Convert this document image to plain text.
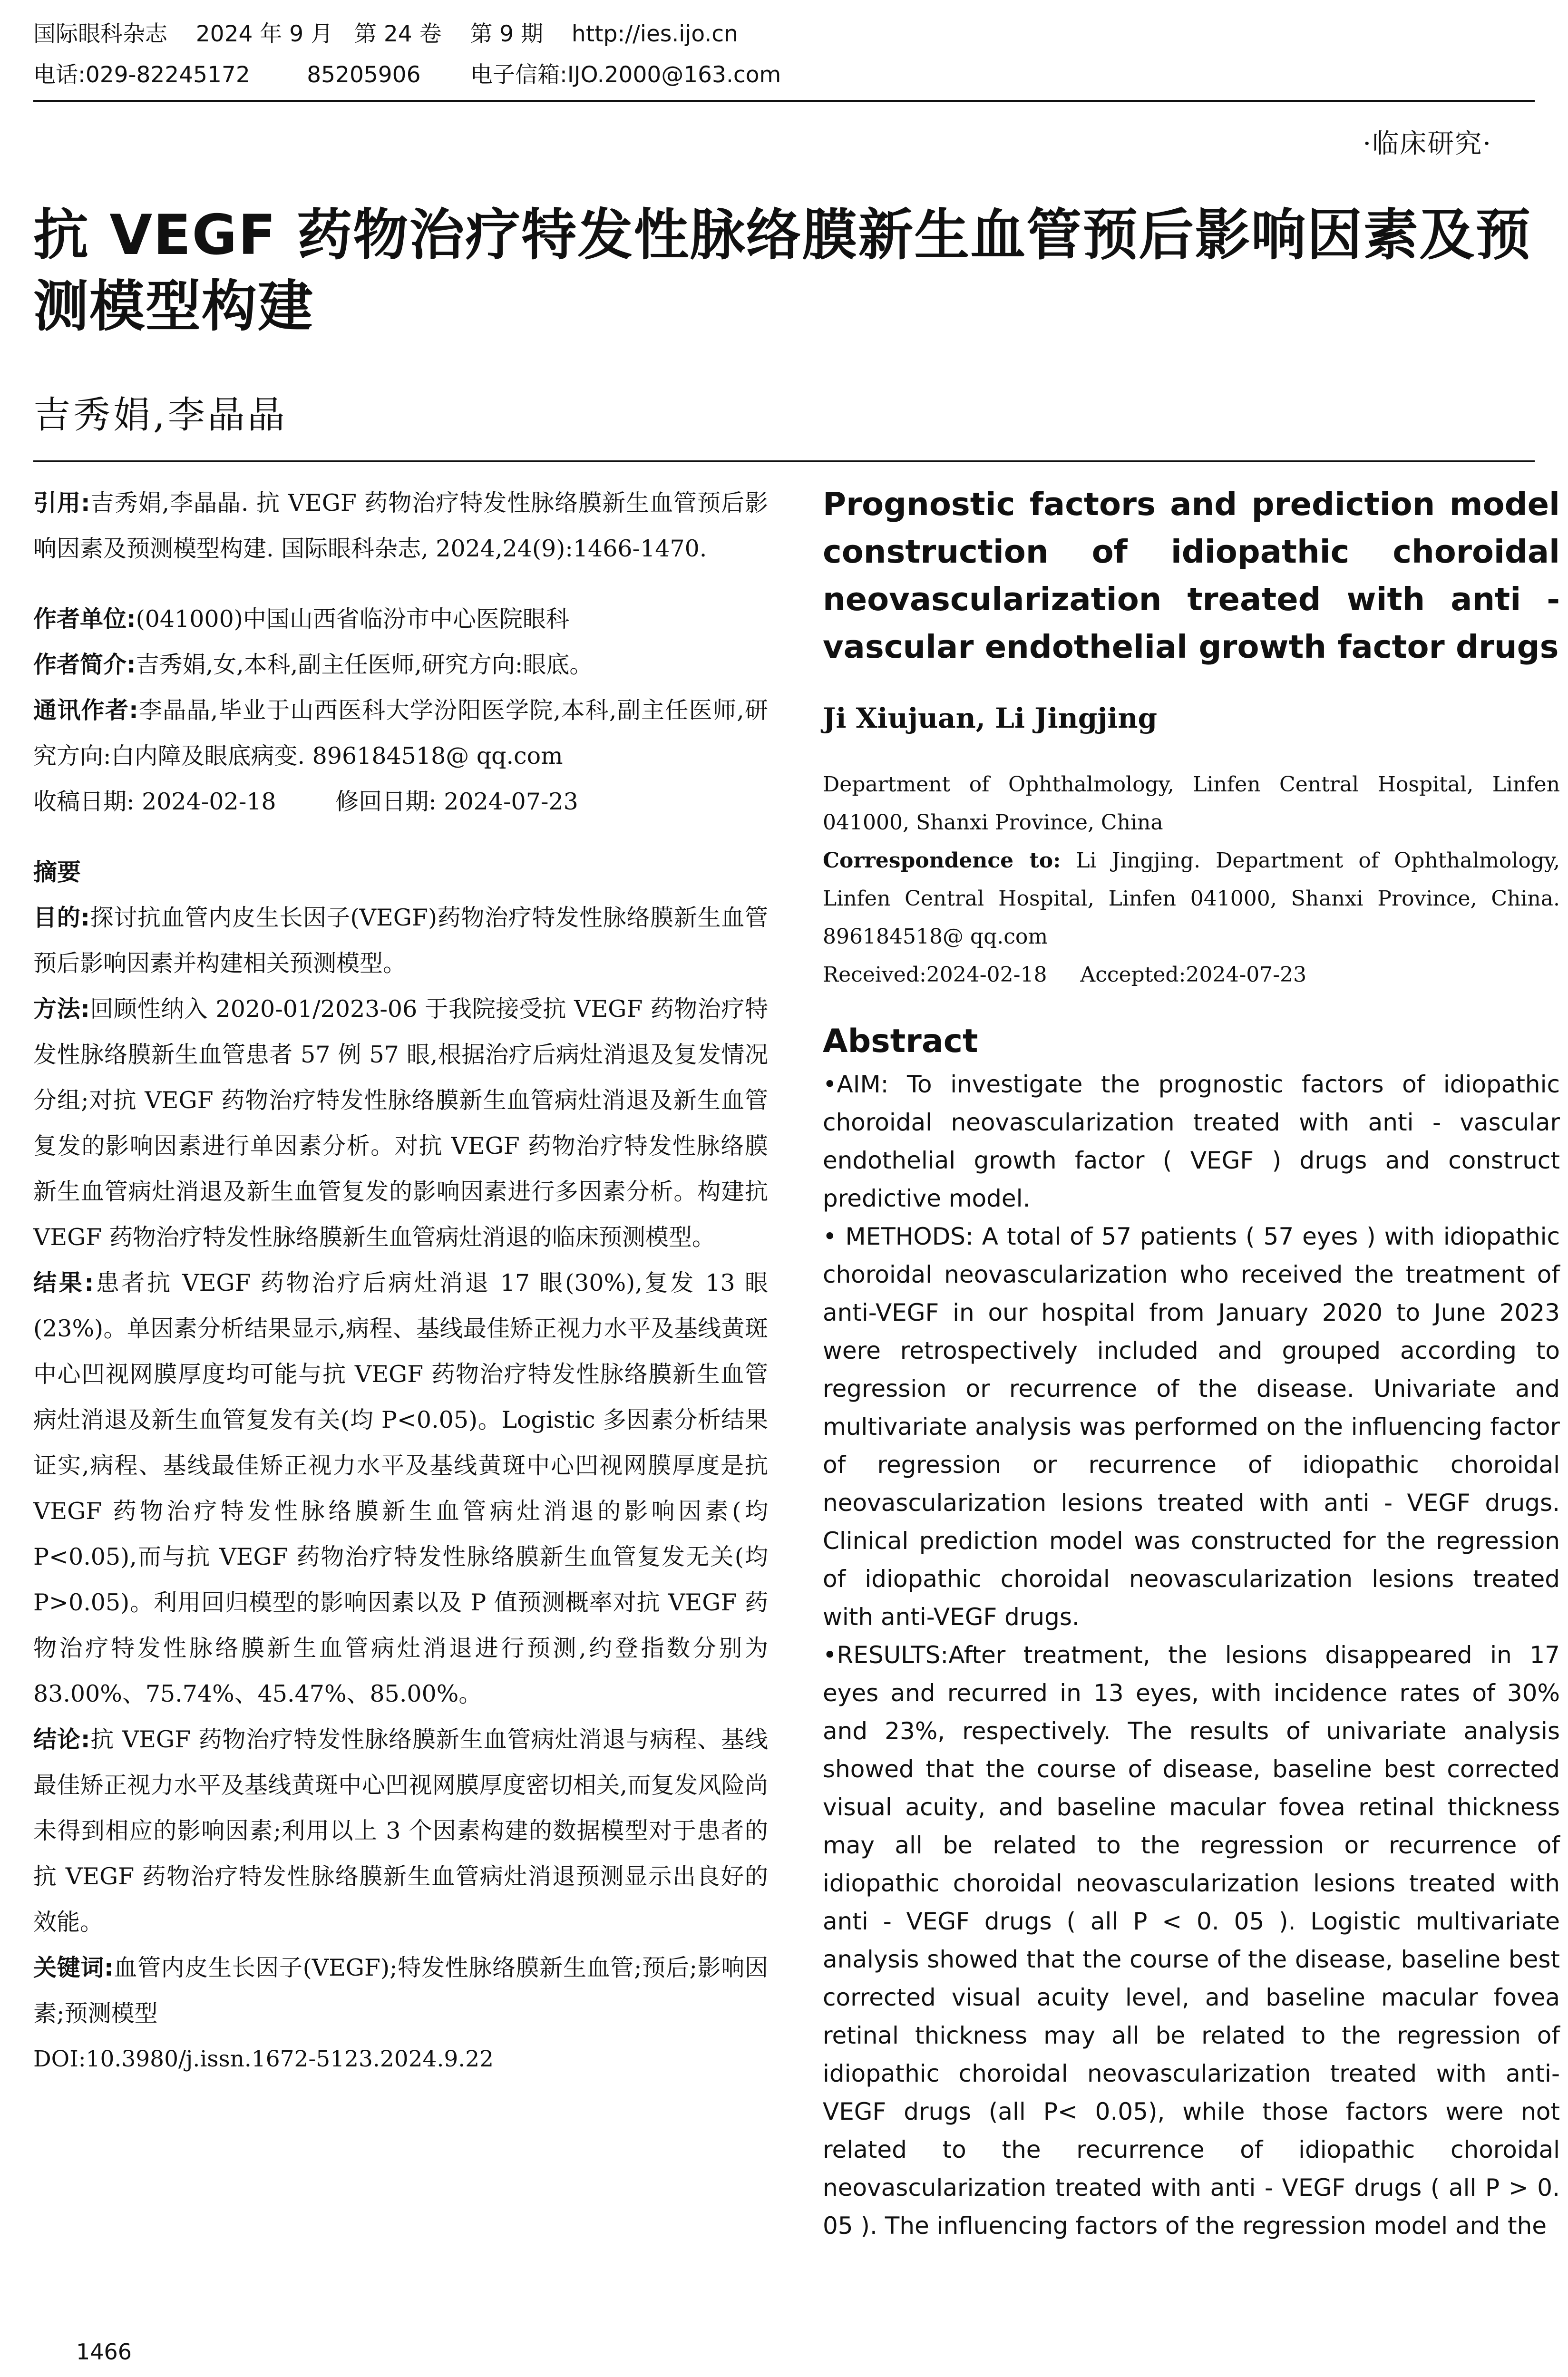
国际眼科杂志    2024 年 9 月   第 24 卷    第 9 期    http://ies.ijo.cn
电话:029-82245172        85205906       电子信箱:IJO.2000@163.com
·临床研究·
抗 VEGF 药物治疗特发性脉络膜新生血管预后影响因素及预测模型构建

吉秀娟,李晶晶

引用:吉秀娟,李晶晶. 抗 VEGF 药物治疗特发性脉络膜新生血管预后影响因素及预测模型构建. 国际眼科杂志, 2024,24(9):1466-1470.

作者单位:(041000)中国山西省临汾市中心医院眼科

作者简介:吉秀娟,女,本科,副主任医师,研究方向:眼底。

通讯作者:李晶晶,毕业于山西医科大学汾阳医学院,本科,副主任医师,研究方向:白内障及眼底病变. 896184518@ qq.com

收稿日期: 2024-02-18        修回日期: 2024-07-23

摘要

目的:探讨抗血管内皮生长因子(VEGF)药物治疗特发性脉络膜新生血管预后影响因素并构建相关预测模型。

方法:回顾性纳入 2020-01/2023-06 于我院接受抗 VEGF 药物治疗特发性脉络膜新生血管患者 57 例 57 眼,根据治疗后病灶消退及复发情况分组;对抗 VEGF 药物治疗特发性脉络膜新生血管病灶消退及新生血管复发的影响因素进行单因素分析。对抗 VEGF 药物治疗特发性脉络膜新生血管病灶消退及新生血管复发的影响因素进行多因素分析。构建抗 VEGF 药物治疗特发性脉络膜新生血管病灶消退的临床预测模型。

结果:患者抗 VEGF 药物治疗后病灶消退 17 眼(30%),复发 13 眼(23%)。单因素分析结果显示,病程、基线最佳矫正视力水平及基线黄斑中心凹视网膜厚度均可能与抗 VEGF 药物治疗特发性脉络膜新生血管病灶消退及新生血管复发有关(均 P<0.05)。Logistic 多因素分析结果证实,病程、基线最佳矫正视力水平及基线黄斑中心凹视网膜厚度是抗 VEGF 药物治疗特发性脉络膜新生血管病灶消退的影响因素(均 P<0.05),而与抗 VEGF 药物治疗特发性脉络膜新生血管复发无关(均 P>0.05)。利用回归模型的影响因素以及 P 值预测概率对抗 VEGF 药物治疗特发性脉络膜新生血管病灶消退进行预测,约登指数分别为 83.00%、75.74%、45.47%、85.00%。

结论:抗 VEGF 药物治疗特发性脉络膜新生血管病灶消退与病程、基线最佳矫正视力水平及基线黄斑中心凹视网膜厚度密切相关,而复发风险尚未得到相应的影响因素;利用以上 3 个因素构建的数据模型对于患者的抗 VEGF 药物治疗特发性脉络膜新生血管病灶消退预测显示出良好的效能。

关键词:血管内皮生长因子(VEGF);特发性脉络膜新生血管;预后;影响因素;预测模型

DOI:10.3980/j.issn.1672-5123.2024.9.22

Prognostic factors and prediction model construction of idiopathic choroidal neovascularization treated with anti - vascular endothelial growth factor drugs

Ji Xiujuan, Li Jingjing

Department of Ophthalmology, Linfen Central Hospital, Linfen 041000, Shanxi Province, China

Correspondence to: Li Jingjing. Department of Ophthalmology, Linfen Central Hospital, Linfen 041000, Shanxi Province, China. 896184518@ qq.com

Received:2024-02-18     Accepted:2024-07-23

Abstract

•AIM: To investigate the prognostic factors of idiopathic choroidal neovascularization treated with anti - vascular endothelial growth factor ( VEGF ) drugs and construct predictive model.

• METHODS: A total of 57 patients ( 57 eyes ) with idiopathic choroidal neovascularization who received the treatment of anti-VEGF in our hospital from January 2020 to June 2023 were retrospectively included and grouped according to regression or recurrence of the disease. Univariate and multivariate analysis was performed on the influencing factor of regression or recurrence of idiopathic choroidal neovascularization lesions treated with anti - VEGF drugs. Clinical prediction model was constructed for the regression of idiopathic choroidal neovascularization lesions treated with anti-VEGF drugs.

•RESULTS:After treatment, the lesions disappeared in 17 eyes and recurred in 13 eyes, with incidence rates of 30% and 23%, respectively. The results of univariate analysis showed that the course of disease, baseline best corrected visual acuity, and baseline macular fovea retinal thickness may all be related to the regression or recurrence of idiopathic choroidal neovascularization lesions treated with anti - VEGF drugs ( all P < 0. 05 ). Logistic multivariate analysis showed that the course of the disease, baseline best corrected visual acuity level, and baseline macular fovea retinal thickness may all be related to the regression of idiopathic choroidal neovascularization treated with anti-VEGF drugs (all P< 0.05), while those factors were not related to the recurrence of idiopathic choroidal neovascularization treated with anti - VEGF drugs ( all P > 0. 05 ). The influencing factors of the regression model and the

1466
